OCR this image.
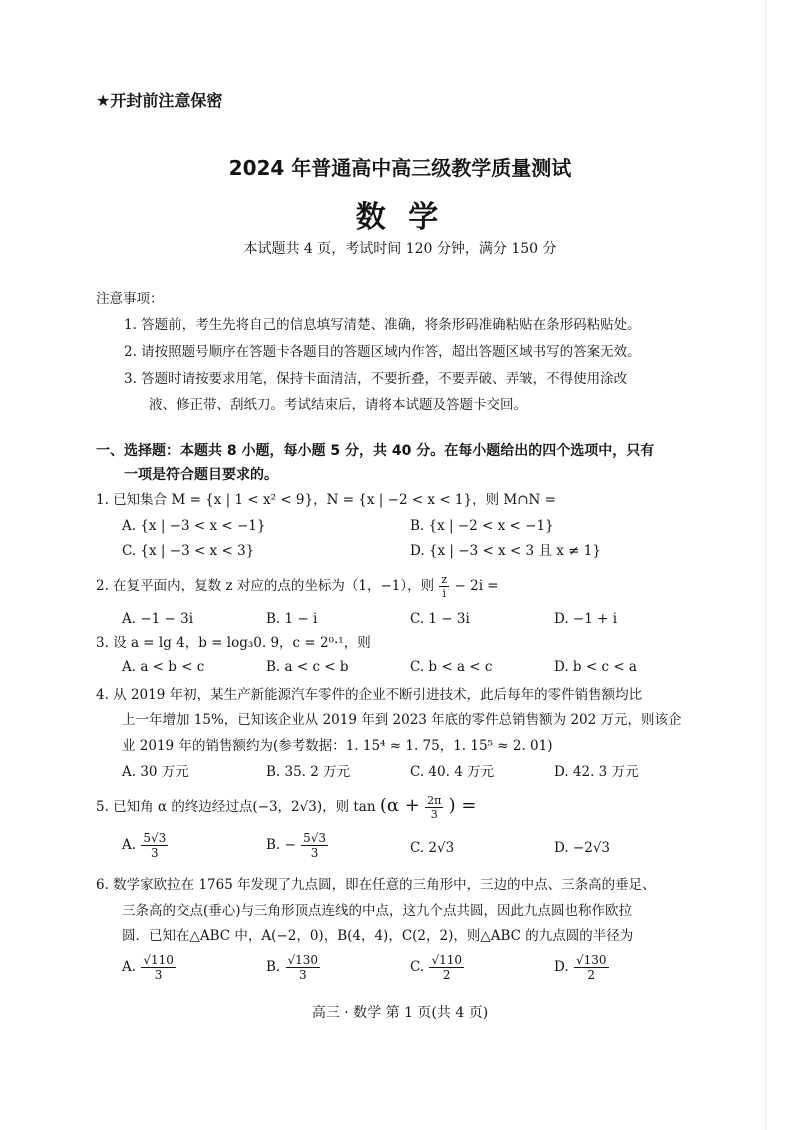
★开封前注意保密
2024 年普通高中高三级教学质量测试
数 学
本试题共 4 页，考试时间 120 分钟，满分 150 分
注意事项：
1. 答题前，考生先将自己的信息填写清楚、准确，将条形码准确粘贴在条形码粘贴处。
2. 请按照题号顺序在答题卡各题目的答题区域内作答，超出答题区域书写的答案无效。
3. 答题时请按要求用笔，保持卡面清洁，不要折叠，不要弄破、弄皱，不得使用涂改
液、修正带、刮纸刀。考试结束后，请将本试题及答题卡交回。
一、选择题：本题共 8 小题，每小题 5 分，共 40 分。在每小题给出的四个选项中，只有
一项是符合题目要求的。
1. 已知集合 M = {x | 1 < x² < 9}，N = {x | −2 < x < 1}，则 M∩N =
A. {x | −3 < x < −1}	B. {x | −2 < x < −1}
C. {x | −3 < x < 3}	D. {x | −3 < x < 3 且 x ≠ 1}
2. 在复平面内，复数 z 对应的点的坐标为（1，−1），则 $\frac{z}{i} - 2i$ =
A. −1 − 3i	B. 1 − i	C. 1 − 3i	D. −1 + i
3. 设 a = lg 4，b = log₃0. 9，c = 2⁰·¹，则
A. a < b < c	B. a < c < b	C. b < a < c	D. b < c < a
4. 从 2019 年初，某生产新能源汽车零件的企业不断引进技术，此后每年的零件销售额均比
上一年增加 15%，已知该企业从 2019 年到 2023 年底的零件总销售额为 202 万元，则该企
业 2019 年的销售额约为(参考数据：1. 15⁴ ≈ 1. 75，1. 15⁵ ≈ 2. 01)
A. 30 万元	B. 35. 2 万元	C. 40. 4 万元	D. 42. 3 万元
5. 已知角 α 的终边经过点(−3，2√3)，则 $\tan (\alpha + \frac{2\pi}{3}$ ) =
A. $\frac{5√3}{3}$	B. − $\frac{5√3}{3}$	C. 2√3	D. −2√3
6. 数学家欧拉在 1765 年发现了九点圆，即在任意的三角形中，三边的中点、三条高的垂足、
三条高的交点(垂心)与三角形顶点连线的中点，这九个点共圆，因此九点圆也称作欧拉
圆．已知在△ABC 中，A(−2，0)，B(4，4)，C(2，2)，则△ABC 的九点圆的半径为
A. $\frac{√110}{3}$	B. $\frac{√130}{3}$	C. $\frac{√110}{2}$	D. $\frac{√130}{2}$
高三 · 数学 第 1 页(共 4 页)
